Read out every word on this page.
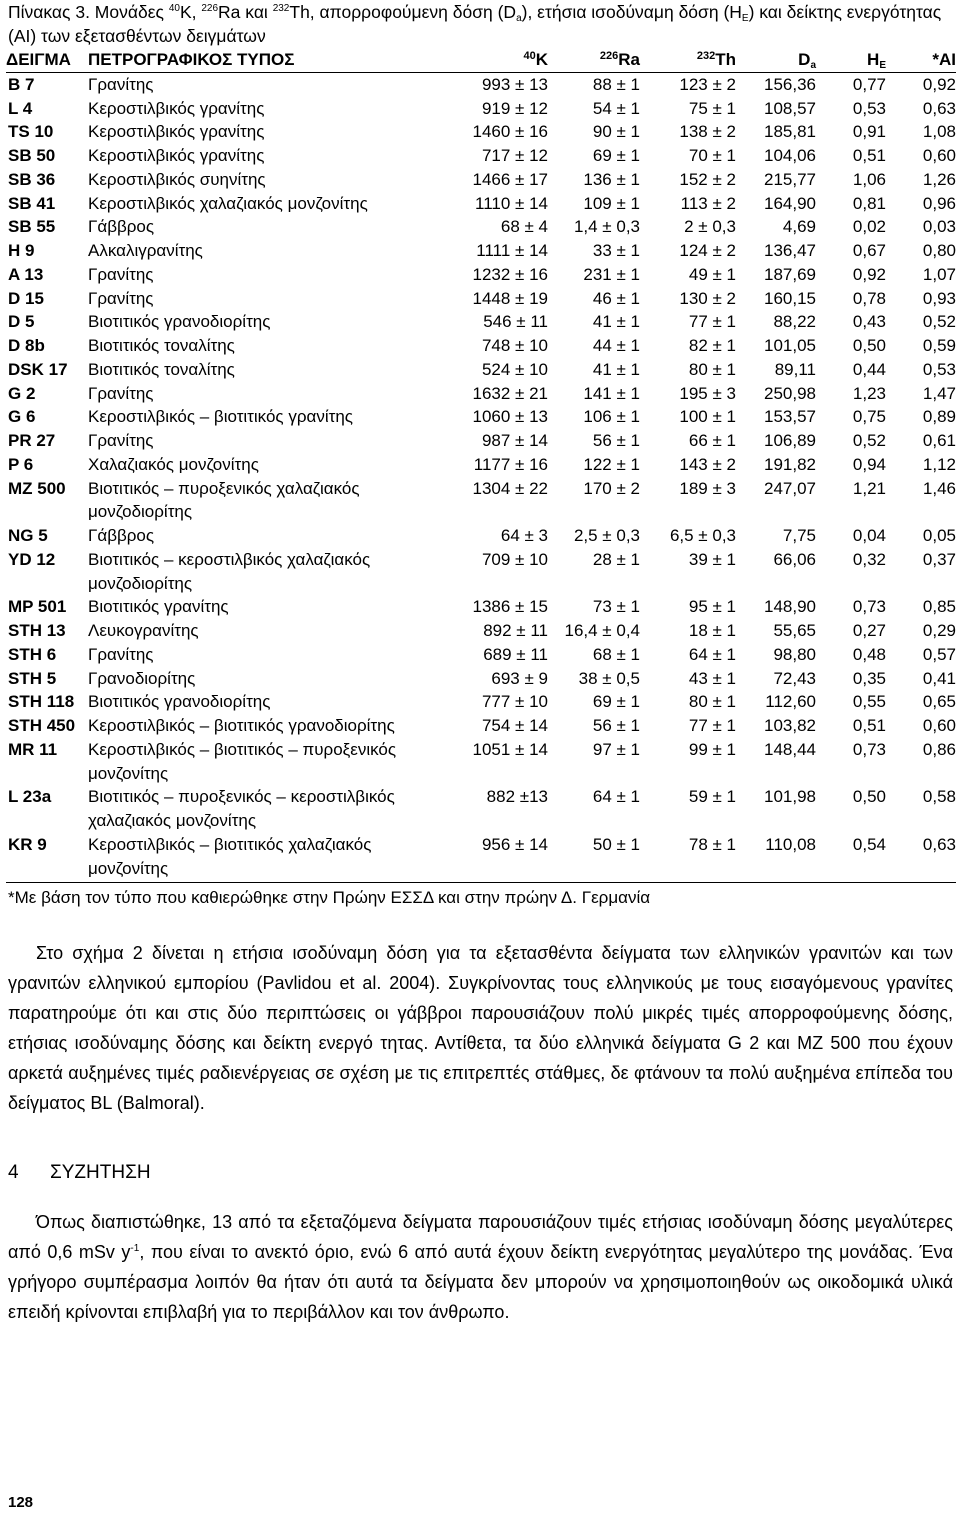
Πίνακας 3. Μονάδες $^{40}$K, $^{226}$Ra και $^{232}$Th, απορροφούμενη δόση $(D_a)$, ετήσια ισοδύναμη δόση $(H_E)$ και δείκτης ενεργότητας (AI) των εξετασθέντων δειγμάτων
ΔΕΙΓΜΑ	ΠΕΤΡΟΓΡΑΦΙΚΟΣ ΤΥΠΟΣ	$^{40}$K	$^{226}$Ra	$^{232}$Th	$D_a$	$H_E$	*AI
B 7	Γρανίτης	993 ± 13	88 ± 1	123 ± 2	156,36	0,77	0,92
L 4	Κεροστιλβικός γρανίτης	919 ± 12	54 ± 1	75 ± 1	108,57	0,53	0,63
TS 10	Κεροστιλβικός γρανίτης	1460 ± 16	90 ± 1	138 ± 2	185,81	0,91	1,08
SB 50	Κεροστιλβικός γρανίτης	717 ± 12	69 ± 1	70 ± 1	104,06	0,51	0,60
SB 36	Κεροστιλβικός συηνίτης	1466 ± 17	136 ± 1	152 ± 2	215,77	1,06	1,26
SB 41	Κεροστιλβικός χαλαζιακός μονζονίτης	1110 ± 14	109 ± 1	113 ± 2	164,90	0,81	0,96
SB 55	Γάββρος	68 ± 4	1,4 ± 0,3	2 ± 0,3	4,69	0,02	0,03
H 9	Αλκαλιγρανίτης	1111 ± 14	33 ± 1	124 ± 2	136,47	0,67	0,80
A 13	Γρανίτης	1232 ± 16	231 ± 1	49 ± 1	187,69	0,92	1,07
D 15	Γρανίτης	1448 ± 19	46 ± 1	130 ± 2	160,15	0,78	0,93
D 5	Βιοτιτικός γρανοδιορίτης	546 ± 11	41 ± 1	77 ± 1	88,22	0,43	0,52
D 8b	Βιοτιτικός τοναλίτης	748 ± 10	44 ± 1	82 ± 1	101,05	0,50	0,59
DSK 17	Βιοτιτικός τοναλίτης	524 ± 10	41 ± 1	80 ± 1	89,11	0,44	0,53
G 2	Γρανίτης	1632 ± 21	141 ± 1	195 ± 3	250,98	1,23	1,47
G 6	Κεροστιλβικός – βιοτιτικός γρανίτης	1060 ± 13	106 ± 1	100 ± 1	153,57	0,75	0,89
PR 27	Γρανίτης	987 ± 14	56 ± 1	66 ± 1	106,89	0,52	0,61
P 6	Χαλαζιακός μονζονίτης	1177 ± 16	122 ± 1	143 ± 2	191,82	0,94	1,12
MZ 500	Βιοτιτικός – πυροξενικός χαλαζιακός μονζοδιορίτης	1304 ± 22	170 ± 2	189 ± 3	247,07	1,21	1,46
NG 5	Γάββρος	64 ± 3	2,5 ± 0,3	6,5 ± 0,3	7,75	0,04	0,05
YD 12	Βιοτιτικός – κεροστιλβικός χαλαζιακός μονζοδιορίτης	709 ± 10	28 ± 1	39 ± 1	66,06	0,32	0,37
MP 501	Βιοτιτικός γρανίτης	1386 ± 15	73 ± 1	95 ± 1	148,90	0,73	0,85
STH 13	Λευκογρανίτης	892 ± 11	16,4 ± 0,4	18 ± 1	55,65	0,27	0,29
STH 6	Γρανίτης	689 ± 11	68 ± 1	64 ± 1	98,80	0,48	0,57
STH 5	Γρανοδιορίτης	693 ± 9	38 ± 0,5	43 ± 1	72,43	0,35	0,41
STH 118	Βιοτιτικός γρανοδιορίτης	777 ± 10	69 ± 1	80 ± 1	112,60	0,55	0,65
STH 450	Κεροστιλβικός – βιοτιτικός γρανοδιορίτης	754 ± 14	56 ± 1	77 ± 1	103,82	0,51	0,60
MR 11	Κεροστιλβικός – βιοτιτικός – πυροξενικός μονζονίτης	1051 ± 14	97 ± 1	99 ± 1	148,44	0,73	0,86
L 23a	Βιοτιτικός – πυροξενικός – κεροστιλβικός χαλαζιακός μονζονίτης	882 ±13	64 ± 1	59 ± 1	101,98	0,50	0,58
KR 9	Κεροστιλβικός – βιοτιτικός χαλαζιακός μονζονίτης	956 ± 14	50 ± 1	78 ± 1	110,08	0,54	0,63
*Με βάση τον τύπο που καθιερώθηκε στην Πρώην ΕΣΣΔ και στην πρώην Δ. Γερμανία
Στο σχήμα 2 δίνεται η ετήσια ισοδύναμη δόση για τα εξετασθέντα δείγματα των ελληνικών γρανιτών και των γρανιτών ελληνικού εμπορίου (Pavlidou et al. 2004). Συγκρίνοντας τους ελληνικούς με τους εισαγόμενους γρανίτες παρατηρούμε ότι και στις δύο περιπτώσεις οι γάββροι παρουσιάζουν πολύ μικρές τιμές απορροφούμενης δόσης, ετήσιας ισοδύναμης δόσης και δείκτη ενεργό τητας. Αντίθετα, τα δύο ελληνικά δείγματα G 2 και MZ 500 που έχουν αρκετά αυξημένες τιμές ραδιενέργειας σε σχέση με τις επιτρεπτές στάθμες, δε φτάνουν τα πολύ αυξημένα επίπεδα του δείγματος BL (Balmoral).
4 ΣΥΖΗΤΗΣΗ
Όπως διαπιστώθηκε, 13 από τα εξεταζόμενα δείγματα παρουσιάζουν τιμές ετήσιας ισοδύναμη δόσης μεγαλύτερες από 0,6 mSv $y^{-1}$, που είναι το ανεκτό όριο, ενώ 6 από αυτά έχουν δείκτη ενεργότητας μεγαλύτερο της μονάδας. Ένα γρήγορο συμπέρασμα λοιπόν θα ήταν ότι αυτά τα δείγματα δεν μπορούν να χρησιμοποιηθούν ως οικοδομικά υλικά επειδή κρίνονται επιβλαβή για το περιβάλλον και τον άνθρωπο.
128
